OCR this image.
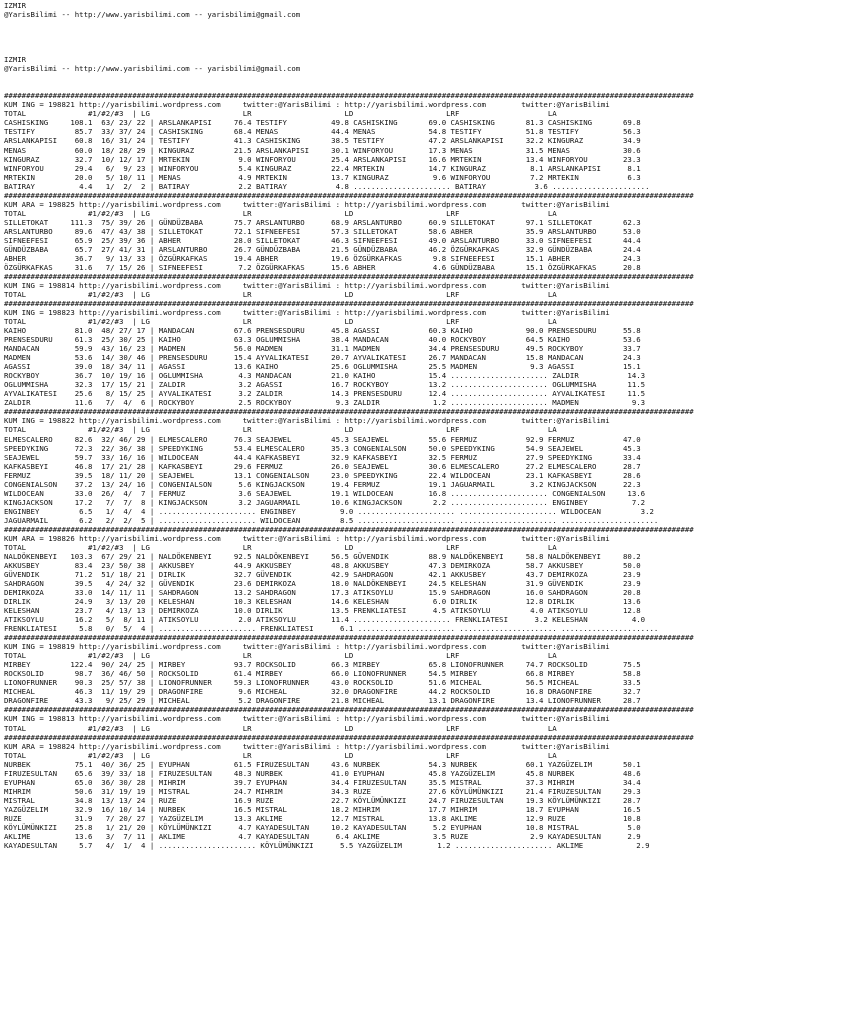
IZMIR
@YarisBilimi -- http://www.yarisbilimi.com -- yarisbilimi@gmail.com
IZMIR
@YarisBilimi -- http://www.yarisbilimi.com -- yarisbilimi@gmail.com
############################################################################################################################################################
KUM ING = 198821 http://yarisbilimi.wordpress.com     twitter:@YarisBilimi : http://yarisbilimi.wordpress.com        twitter:@YarisBilimi
TOTAL              #1/#2/#3  | LG                     LR                     LD                     LRF                    LA
CASHISKING     108.1  63/ 23/ 22 | ARSLANKAPISI     76.4 TESTIFY          49.8 CASHISKING       69.0 CASHISKING       81.3 CASHISKING       69.8
TESTIFY         85.7  33/ 37/ 24 | CASHISKING       68.4 MENAS            44.4 MENAS            54.8 TESTIFY          51.8 TESTIFY          56.3
ARSLANKAPISI    60.8  16/ 31/ 24 | TESTIFY          41.3 CASHISKING       38.5 TESTIFY          47.2 ARSLANKAPISI     32.2 KINGURAZ         34.9
MENAS           60.0  18/ 28/ 29 | KINGURAZ         21.5 ARSLANKAPISI     30.1 WINFORYOU        17.3 MENAS            31.5 MENAS            30.6
KINGURAZ        32.7  10/ 12/ 17 | MRTEKIN           9.0 WINFORYOU        25.4 ARSLANKAPISI     16.6 MRTEKIN          13.4 WINFORYOU        23.3
WINFORYOU       29.4   6/  9/ 23 | WINFORYOU         5.4 KINGURAZ         22.4 MRTEKIN          14.7 KINGURAZ          8.1 ARSLANKAPISI      8.1
MRTEKIN         20.0   5/ 10/ 11 | MENAS             4.9 MRTEKIN          13.7 KINGURAZ          9.6 WINFORYOU         7.2 MRTEKIN           6.3
BATIRAY          4.4   1/  2/  2 | BATIRAY           2.2 BATIRAY           4.8 ...................... BATIRAY           3.6 ......................
############################################################################################################################################################
KUM ARA = 198825 http://yarisbilimi.wordpress.com     twitter:@YarisBilimi : http://yarisbilimi.wordpress.com        twitter:@YarisBilimi
TOTAL              #1/#2/#3  | LG                     LR                     LD                     LRF                    LA
SILLETOKAT     111.3  75/ 39/ 26 | GÜNDÜZBABA       75.7 ARSLANTURBO      68.9 ARSLANTURBO      60.9 SILLETOKAT       97.1 SILLETOKAT       62.3
ARSLANTURBO     89.6  47/ 43/ 38 | SILLETOKAT       72.1 SIFNEEFESI       57.3 SILLETOKAT       58.6 ABHER            35.9 ARSLANTURBO      53.0
SIFNEEFESI      65.9  25/ 39/ 36 | ABHER            28.0 SILLETOKAT       46.3 SIFNEEFESI       49.0 ARSLANTURBO      33.0 SIFNEEFESI       44.4
GÜNDÜZBABA      65.7  27/ 41/ 31 | ARSLANTURBO      26.7 GÜNDÜZBABA       21.5 GÜNDÜZBABA       46.2 ÖZGÜRKAFKAS      32.9 GÜNDÜZBABA       24.4
ABHER           36.7   9/ 13/ 33 | ÖZGÜRKAFKAS      19.4 ABHER            19.6 ÖZGÜRKAFKAS       9.8 SIFNEEFESI       15.1 ABHER            24.3
ÖZGÜRKAFKAS     31.6   7/ 15/ 26 | SIFNEEFESI        7.2 ÖZGÜRKAFKAS      15.6 ABHER             4.6 GÜNDÜZBABA       15.1 ÖZGÜRKAFKAS      20.8
############################################################################################################################################################
KUM ING = 198814 http://yarisbilimi.wordpress.com     twitter:@YarisBilimi : http://yarisbilimi.wordpress.com        twitter:@YarisBilimi
TOTAL              #1/#2/#3  | LG                     LR                     LD                     LRF                    LA
############################################################################################################################################################
KUM ING = 198823 http://yarisbilimi.wordpress.com     twitter:@YarisBilimi : http://yarisbilimi.wordpress.com        twitter:@YarisBilimi
TOTAL              #1/#2/#3  | LG                     LR                     LD                     LRF                    LA
KAIHO           81.0  48/ 27/ 17 | MANDACAN         67.6 PRENSESDURU      45.8 AGASSI           60.3 KAIHO            90.0 PRENSESDURU      55.8
PRENSESDURU     61.3  25/ 30/ 25 | KAIHO            63.3 OGLUMMISHA       38.4 MANDACAN         40.0 ROCKYBOY         64.5 KAIHO            53.6
MANDACAN        59.9  43/ 16/ 23 | MADMEN           56.0 MADMEN           31.1 MADMEN           34.4 PRENSESDURU      49.5 ROCKYBOY         33.7
MADMEN          53.6  14/ 30/ 46 | PRENSESDURU      15.4 AYVALIKATESI     20.7 AYVALIKATESI     26.7 MANDACAN         15.8 MANDACAN         24.3
AGASSI          39.0  18/ 34/ 11 | AGASSI           13.6 KAIHO            25.6 OGLUMMISHA       25.5 MADMEN            9.3 AGASSI           15.1
ROCKYBOY        36.7  10/ 19/ 16 | OGLUMMISHA        4.3 MANDACAN         21.0 KAIHO            15.4 ...................... ZALDIR           14.3
OGLUMMISHA      32.3  17/ 15/ 21 | ZALDIR            3.2 AGASSI           16.7 ROCKYBOY         13.2 ...................... OGLUMMISHA       11.5
AYVALIKATESI    25.6   8/ 15/ 25 | AYVALIKATESI      3.2 ZALDIR           14.3 PRENSESDURU      12.4 ...................... AYVALIKATESI     11.5
ZALDIR          11.6   7/  4/  6 | ROCKYBOY          2.5 ROCKYBOY          9.3 ZALDIR            1.2 ...................... MADMEN            9.3
############################################################################################################################################################
KUM ING = 198822 http://yarisbilimi.wordpress.com     twitter:@YarisBilimi : http://yarisbilimi.wordpress.com        twitter:@YarisBilimi
TOTAL              #1/#2/#3  | LG                     LR                     LD                     LRF                    LA
ELMESCALERO     82.6  32/ 46/ 29 | ELMESCALERO      76.3 SEAJEWEL         45.3 SEAJEWEL         55.6 FERMUZ           92.9 FERMUZ           47.0
SPEEDYKING      72.3  22/ 36/ 38 | SPEEDYKING       53.4 ELMESCALERO      35.3 CONGENIALSON     50.0 SPEEDYKING       54.9 SEAJEWEL         45.3
SEAJEWEL        59.7  33/ 16/ 16 | WILDOCEAN        44.4 KAFKASBEYI       32.9 KAFKASBEYI       32.5 FERMUZ           27.9 SPEEDYKING       33.4
KAFKASBEYI      46.8  17/ 21/ 28 | KAFKASBEYI       29.6 FERMUZ           26.0 SEAJEWEL         30.6 ELMESCALERO      27.2 ELMESCALERO      28.7
FERMUZ          39.5  18/ 11/ 20 | SEAJEWEL         13.1 CONGENIALSON     23.0 SPEEDYKING       22.4 WILDOCEAN        23.1 KAFKASBEYI       28.6
CONGENIALSON    37.2  13/ 24/ 16 | CONGENIALSON      5.6 KINGJACKSON      19.4 FERMUZ           19.1 JAGUARMAIL        3.2 KINGJACKSON      22.3
WILDOCEAN       33.0  26/  4/  7 | FERMUZ            3.6 SEAJEWEL         19.1 WILDOCEAN        16.8 ...................... CONGENIALSON     13.6
KINGJACKSON     17.2   7/  7/  8 | KINGJACKSON       3.2 JAGUARMAIL       10.6 KINGJACKSON       2.2 ...................... ENGINBEY          7.2
ENGINBEY         6.5   1/  4/  4 | ...................... ENGINBEY          9.0 ...................... ...................... WILDOCEAN         3.2
JAGUARMAIL       6.2   2/  2/  5 | ...................... WILDOCEAN         8.5 ...................... ...................... ......................
############################################################################################################################################################
KUM ARA = 198826 http://yarisbilimi.wordpress.com     twitter:@YarisBilimi : http://yarisbilimi.wordpress.com        twitter:@YarisBilimi
TOTAL              #1/#2/#3  | LG                     LR                     LD                     LRF                    LA
NALDÖKENBEYI   103.3  67/ 29/ 21 | NALDÖKENBEYI     92.5 NALDÖKENBEYI     56.5 GÜVENDIK         88.9 NALDÖKENBEYI     58.8 NALDÖKENBEYI     80.2
AKKUSBEY        83.4  23/ 50/ 38 | AKKUSBEY         44.9 AKKUSBEY         48.8 AKKUSBEY         47.3 DEMIRKOZA        58.7 AKKUSBEY         50.0
GÜVENDIK        71.2  51/ 18/ 21 | DIRLIK           32.7 GÜVENDIK         42.9 SAHDRAGON        42.1 AKKUSBEY         43.7 DEMIRKOZA        23.9
SAHDRAGON       39.5   4/ 24/ 32 | GÜVENDIK         23.6 DEMIRKOZA        18.0 NALDÖKENBEYI     24.5 KELESHAN         31.9 GÜVENDIK         23.9
DEMIRKOZA       33.0  14/ 11/ 11 | SAHDRAGON        13.2 SAHDRAGON        17.3 ATIKSOYLU        15.9 SAHDRAGON        16.0 SAHDRAGON        20.8
DIRLIK          24.9   3/ 13/ 20 | KELESHAN         10.3 KELESHAN         14.6 KELESHAN          6.0 DIRLIK           12.8 DIRLIK           13.6
KELESHAN        23.7   4/ 13/ 13 | DEMIRKOZA        10.0 DIRLIK           13.5 FRENKLIATESI      4.5 ATIKSOYLU         4.0 ATIKSOYLU        12.8
ATIKSOYLU       16.2   5/  8/ 11 | ATIKSOYLU         2.0 ATIKSOYLU        11.4 ...................... FRENKLIATESI      3.2 KELESHAN          4.0
FRENKLIATESI     5.8   0/  5/  4 | ...................... FRENKLIATESI      6.1 ...................... ...................... ......................
############################################################################################################################################################
KUM ING = 198819 http://yarisbilimi.wordpress.com     twitter:@YarisBilimi : http://yarisbilimi.wordpress.com        twitter:@YarisBilimi
TOTAL              #1/#2/#3  | LG                     LR                     LD                     LRF                    LA
MIRBEY         122.4  90/ 24/ 25 | MIRBEY           93.7 ROCKSOLID        66.3 MIRBEY           65.8 LIONOFRUNNER     74.7 ROCKSOLID        75.5
ROCKSOLID       98.7  36/ 46/ 50 | ROCKSOLID        61.4 MIRBEY           66.0 LIONOFRUNNER     54.5 MIRBEY           66.8 MIRBEY           58.8
LIONOFRUNNER    90.3  25/ 57/ 38 | LIONOFRUNNER     59.3 LIONOFRUNNER     43.0 ROCKSOLID        51.6 MICHEAL          56.5 MICHEAL          33.5
MICHEAL         46.3  11/ 19/ 29 | DRAGONFIRE        9.6 MICHEAL          32.0 DRAGONFIRE       44.2 ROCKSOLID        16.8 DRAGONFIRE       32.7
DRAGONFIRE      43.3   9/ 25/ 29 | MICHEAL           5.2 DRAGONFIRE       21.8 MICHEAL          13.1 DRAGONFIRE       13.4 LIONOFRUNNER     28.7
############################################################################################################################################################
KUM ING = 198813 http://yarisbilimi.wordpress.com     twitter:@YarisBilimi : http://yarisbilimi.wordpress.com        twitter:@YarisBilimi
TOTAL              #1/#2/#3  | LG                     LR                     LD                     LRF                    LA
############################################################################################################################################################
KUM ARA = 198824 http://yarisbilimi.wordpress.com     twitter:@YarisBilimi : http://yarisbilimi.wordpress.com        twitter:@YarisBilimi
TOTAL              #1/#2/#3  | LG                     LR                     LD                     LRF                    LA
NURBEK          75.1  40/ 36/ 25 | EYUPHAN          61.5 FIRUZESULTAN     43.6 NURBEK           54.3 NURBEK           60.1 YAZGÜZELIM       50.1
FIRUZESULTAN    65.6  39/ 33/ 18 | FIRUZESULTAN     48.3 NURBEK           41.0 EYUPHAN          45.8 YAZGÜZELIM       45.8 NURBEK           48.6
EYUPHAN         65.0  36/ 30/ 28 | MIHRIM           39.7 EYUPHAN          34.4 FIRUZESULTAN     35.5 MISTRAL          37.3 MIHRIM           34.4
MIHRIM          50.6  31/ 19/ 19 | MISTRAL          24.7 MIHRIM           34.3 RUZE             27.6 KÖYLÜMÜNKIZI     21.4 FIRUZESULTAN     29.3
MISTRAL         34.8  13/ 13/ 24 | RUZE             16.9 RUZE             22.7 KÖYLÜMÜNKIZI     24.7 FIRUZESULTAN     19.3 KÖYLÜMÜNKIZI     28.7
YAZGÜZELIM      32.9  16/ 10/ 14 | NURBEK           16.5 MISTRAL          18.2 MIHRIM           17.7 MIHRIM           18.7 EYUPHAN          16.5
RUZE            31.9   7/ 20/ 27 | YAZGÜZELIM       13.3 AKLIME           12.7 MISTRAL          13.8 AKLIME           12.9 RUZE             10.8
KÖYLÜMÜNKIZI    25.8   1/ 21/ 20 | KÖYLÜMÜNKIZI      4.7 KAYADESULTAN     10.2 KAYADESULTAN      5.2 EYUPHAN          10.8 MISTRAL           5.0
AKLIME          13.6   3/  7/ 11 | AKLIME            4.7 KAYADESULTAN      6.4 AKLIME            3.5 RUZE              2.9 KAYADESULTAN      2.9
KAYADESULTAN     5.7   4/  1/  4 | ...................... KÖYLÜMÜNKIZI      5.5 YAZGÜZELIM        1.2 ...................... AKLIME            2.9
